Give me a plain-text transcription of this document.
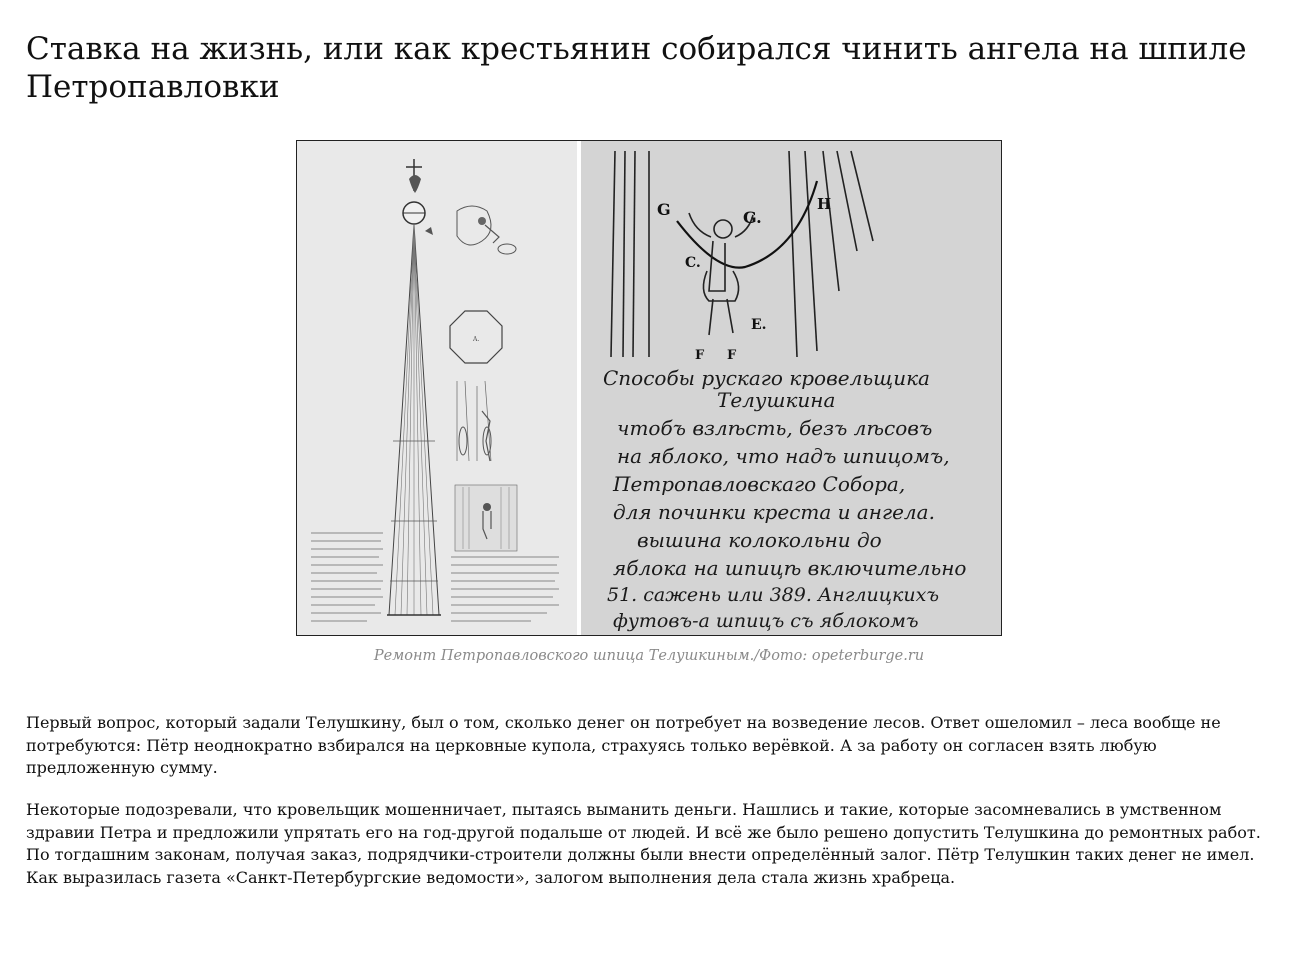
Ставка на жизнь, или как крестьянин собирался чинить ангела на шпиле Петропавловки
A.
G	G.
H
C.
E.
F F
Способы рускаго кровельщика
Телушкина
чтобъ взлѣсть, безъ лѣсовъ
на яблоко, что надъ шпицомъ,
Петропавловскаго Собора,
для починки креста и ангела.
вышина колокольни до
яблока на шпицѣ включительно
51. сажень или 389. Англицкихъ
футовъ-а шпицъ съ яблокомъ
Ремонт Петропавловского шпица Телушкиным./Фото: opeterburge.ru

Первый вопрос, который задали Телушкину, был о том, сколько денег он потребует на возведение лесов. Ответ ошеломил – леса вообще не потребуются: Пётр неоднократно взбирался на церковные купола, страхуясь только верёвкой. А за работу он согласен взять любую предложенную сумму.

Некоторые подозревали, что кровельщик мошенничает, пытаясь выманить деньги. Нашлись и такие, которые засомневались в умственном здравии Петра и предложили упрятать его на год-другой подальше от людей. И всё же было решено допустить Телушкина до ремонтных работ. По тогдашним законам, получая заказ, подрядчики-строители должны были внести определённый залог. Пётр Телушкин таких денег не имел. Как выразилась газета «Санкт-Петербургские ведомости», залогом выполнения дела стала жизнь храбреца.
